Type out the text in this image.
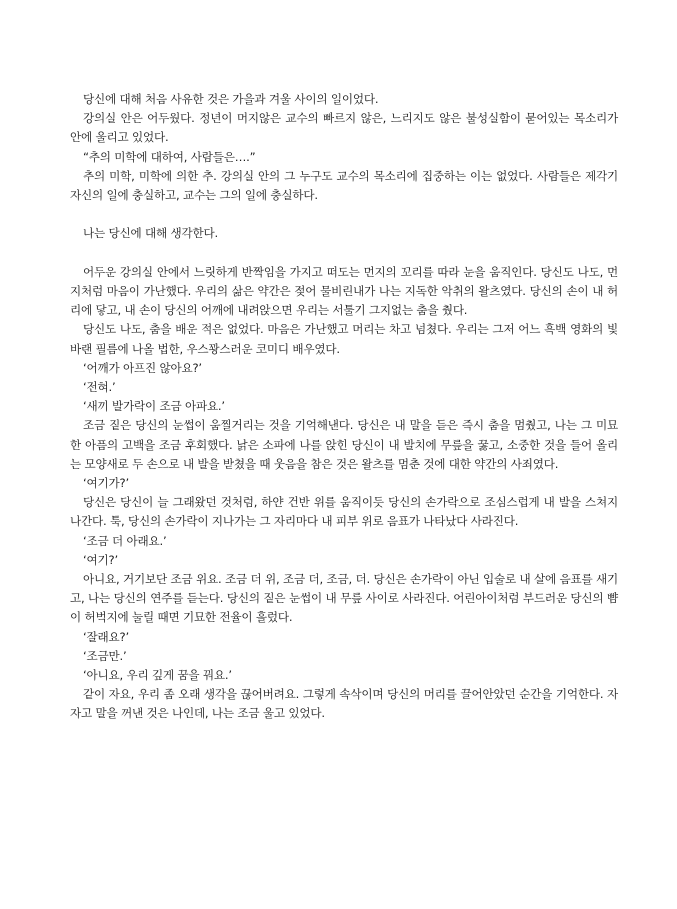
당신에 대해 처음 사유한 것은 가을과 겨울 사이의 일이었다.

강의실 안은 어두웠다. 정년이 머지않은 교수의 빠르지 않은, 느리지도 않은 불성실함이 묻어있는 목소리가 안에 울리고 있었다.

“추의 미학에 대하여, 사람들은….”

추의 미학, 미학에 의한 추. 강의실 안의 그 누구도 교수의 목소리에 집중하는 이는 없었다. 사람들은 제각기 자신의 일에 충실하고, 교수는 그의 일에 충실하다.

나는 당신에 대해 생각한다.

어두운 강의실 안에서 느릿하게 반짝임을 가지고 떠도는 먼지의 꼬리를 따라 눈을 움직인다. 당신도 나도, 먼지처럼 마음이 가난했다. 우리의 삶은 약간은 젖어 물비린내가 나는 지독한 악취의 왈츠였다. 당신의 손이 내 허리에 닿고, 내 손이 당신의 어깨에 내려앉으면 우리는 서툴기 그지없는 춤을 췄다.

당신도 나도, 춤을 배운 적은 없었다. 마음은 가난했고 머리는 차고 넘쳤다. 우리는 그저 어느 흑백 영화의 빛바랜 필름에 나올 법한, 우스꽝스러운 코미디 배우였다.

‘어깨가 아프진 않아요?’

‘전혀.’

‘새끼 발가락이 조금 아파요.’

조금 짙은 당신의 눈썹이 움찔거리는 것을 기억해낸다. 당신은 내 말을 듣은 즉시 춤을 멈췄고, 나는 그 미묘한 아픔의 고백을 조금 후회했다. 낡은 소파에 나를 앉힌 당신이 내 발치에 무릎을 꿇고, 소중한 것을 들어 올리는 모양새로 두 손으로 내 발을 받쳤을 때 웃음을 참은 것은 왈츠를 멈춘 것에 대한 약간의 사죄였다.

‘여기가?’

당신은 당신이 늘 그래왔던 것처럼, 하얀 건반 위를 움직이듯 당신의 손가락으로 조심스럽게 내 발을 스쳐지나간다. 툭, 당신의 손가락이 지나가는 그 자리마다 내 피부 위로 음표가 나타났다 사라진다.

‘조금 더 아래요.’

‘여기?’

아니요, 거기보단 조금 위요. 조금 더 위, 조금 더, 조금, 더. 당신은 손가락이 아닌 입술로 내 살에 음표를 새기고, 나는 당신의 연주를 듣는다. 당신의 짙은 눈썹이 내 무릎 사이로 사라진다. 어린아이처럼 부드러운 당신의 뺨이 허벅지에 눌릴 때면 기묘한 전율이 흘렀다.

‘잘래요?’

‘조금만.’

‘아니요, 우리 깊게 꿈을 꿔요.’

같이 자요, 우리 좀 오래 생각을 끊어버려요. 그렇게 속삭이며 당신의 머리를 끌어안았던 순간을 기억한다. 자자고 말을 꺼낸 것은 나인데, 나는 조금 울고 있었다.
